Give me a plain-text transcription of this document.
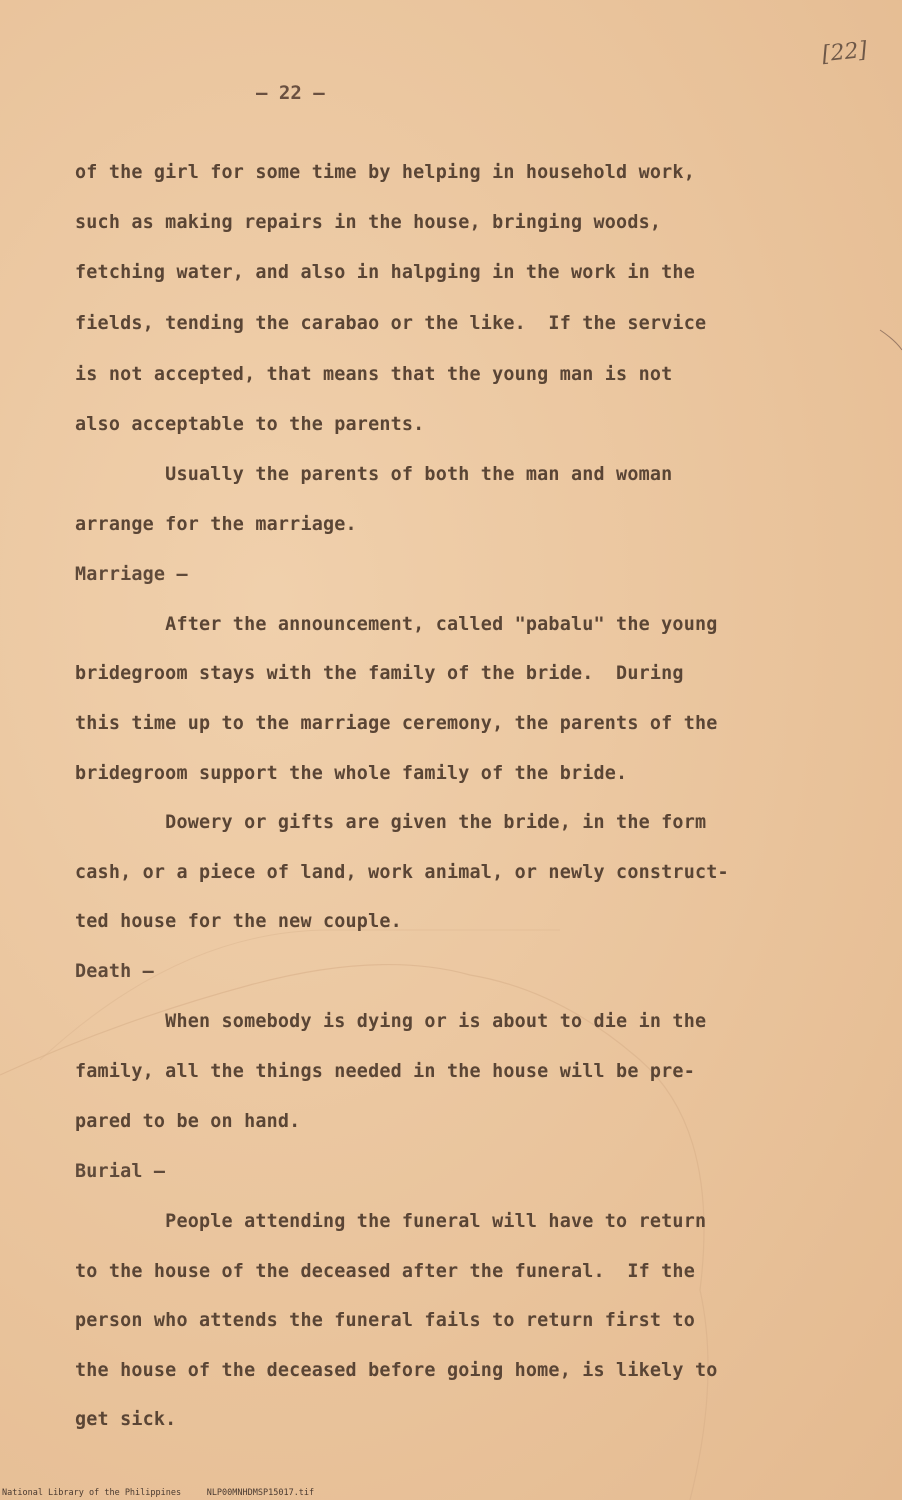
– 22 –
[22]
of the girl for some time by helping in household work,
such as making repairs in the house, bringing woods,
fetching water, and also in halpging in the work in the
fields, tending the carabao or the like.  If the service
is not accepted, that means that the young man is not
also acceptable to the parents.
Usually the parents of both the man and woman
arrange for the marriage.
Marriage –
After the announcement, called "pabalu" the young
bridegroom stays with the family of the bride.  During
this time up to the marriage ceremony, the parents of the
bridegroom support the whole family of the bride.
Dowery or gifts are given the bride, in the form
cash, or a piece of land, work animal, or newly construct-
ted house for the new couple.
Death –
When somebody is dying or is about to die in the
family, all the things needed in the house will be pre-
pared to be on hand.
Burial –
People attending the funeral will have to return
to the house of the deceased after the funeral.  If the
person who attends the funeral fails to return first to
the house of the deceased before going home, is likely to
get sick.
National Library of the Philippines     NLP00MNHDMSP15017.tif
